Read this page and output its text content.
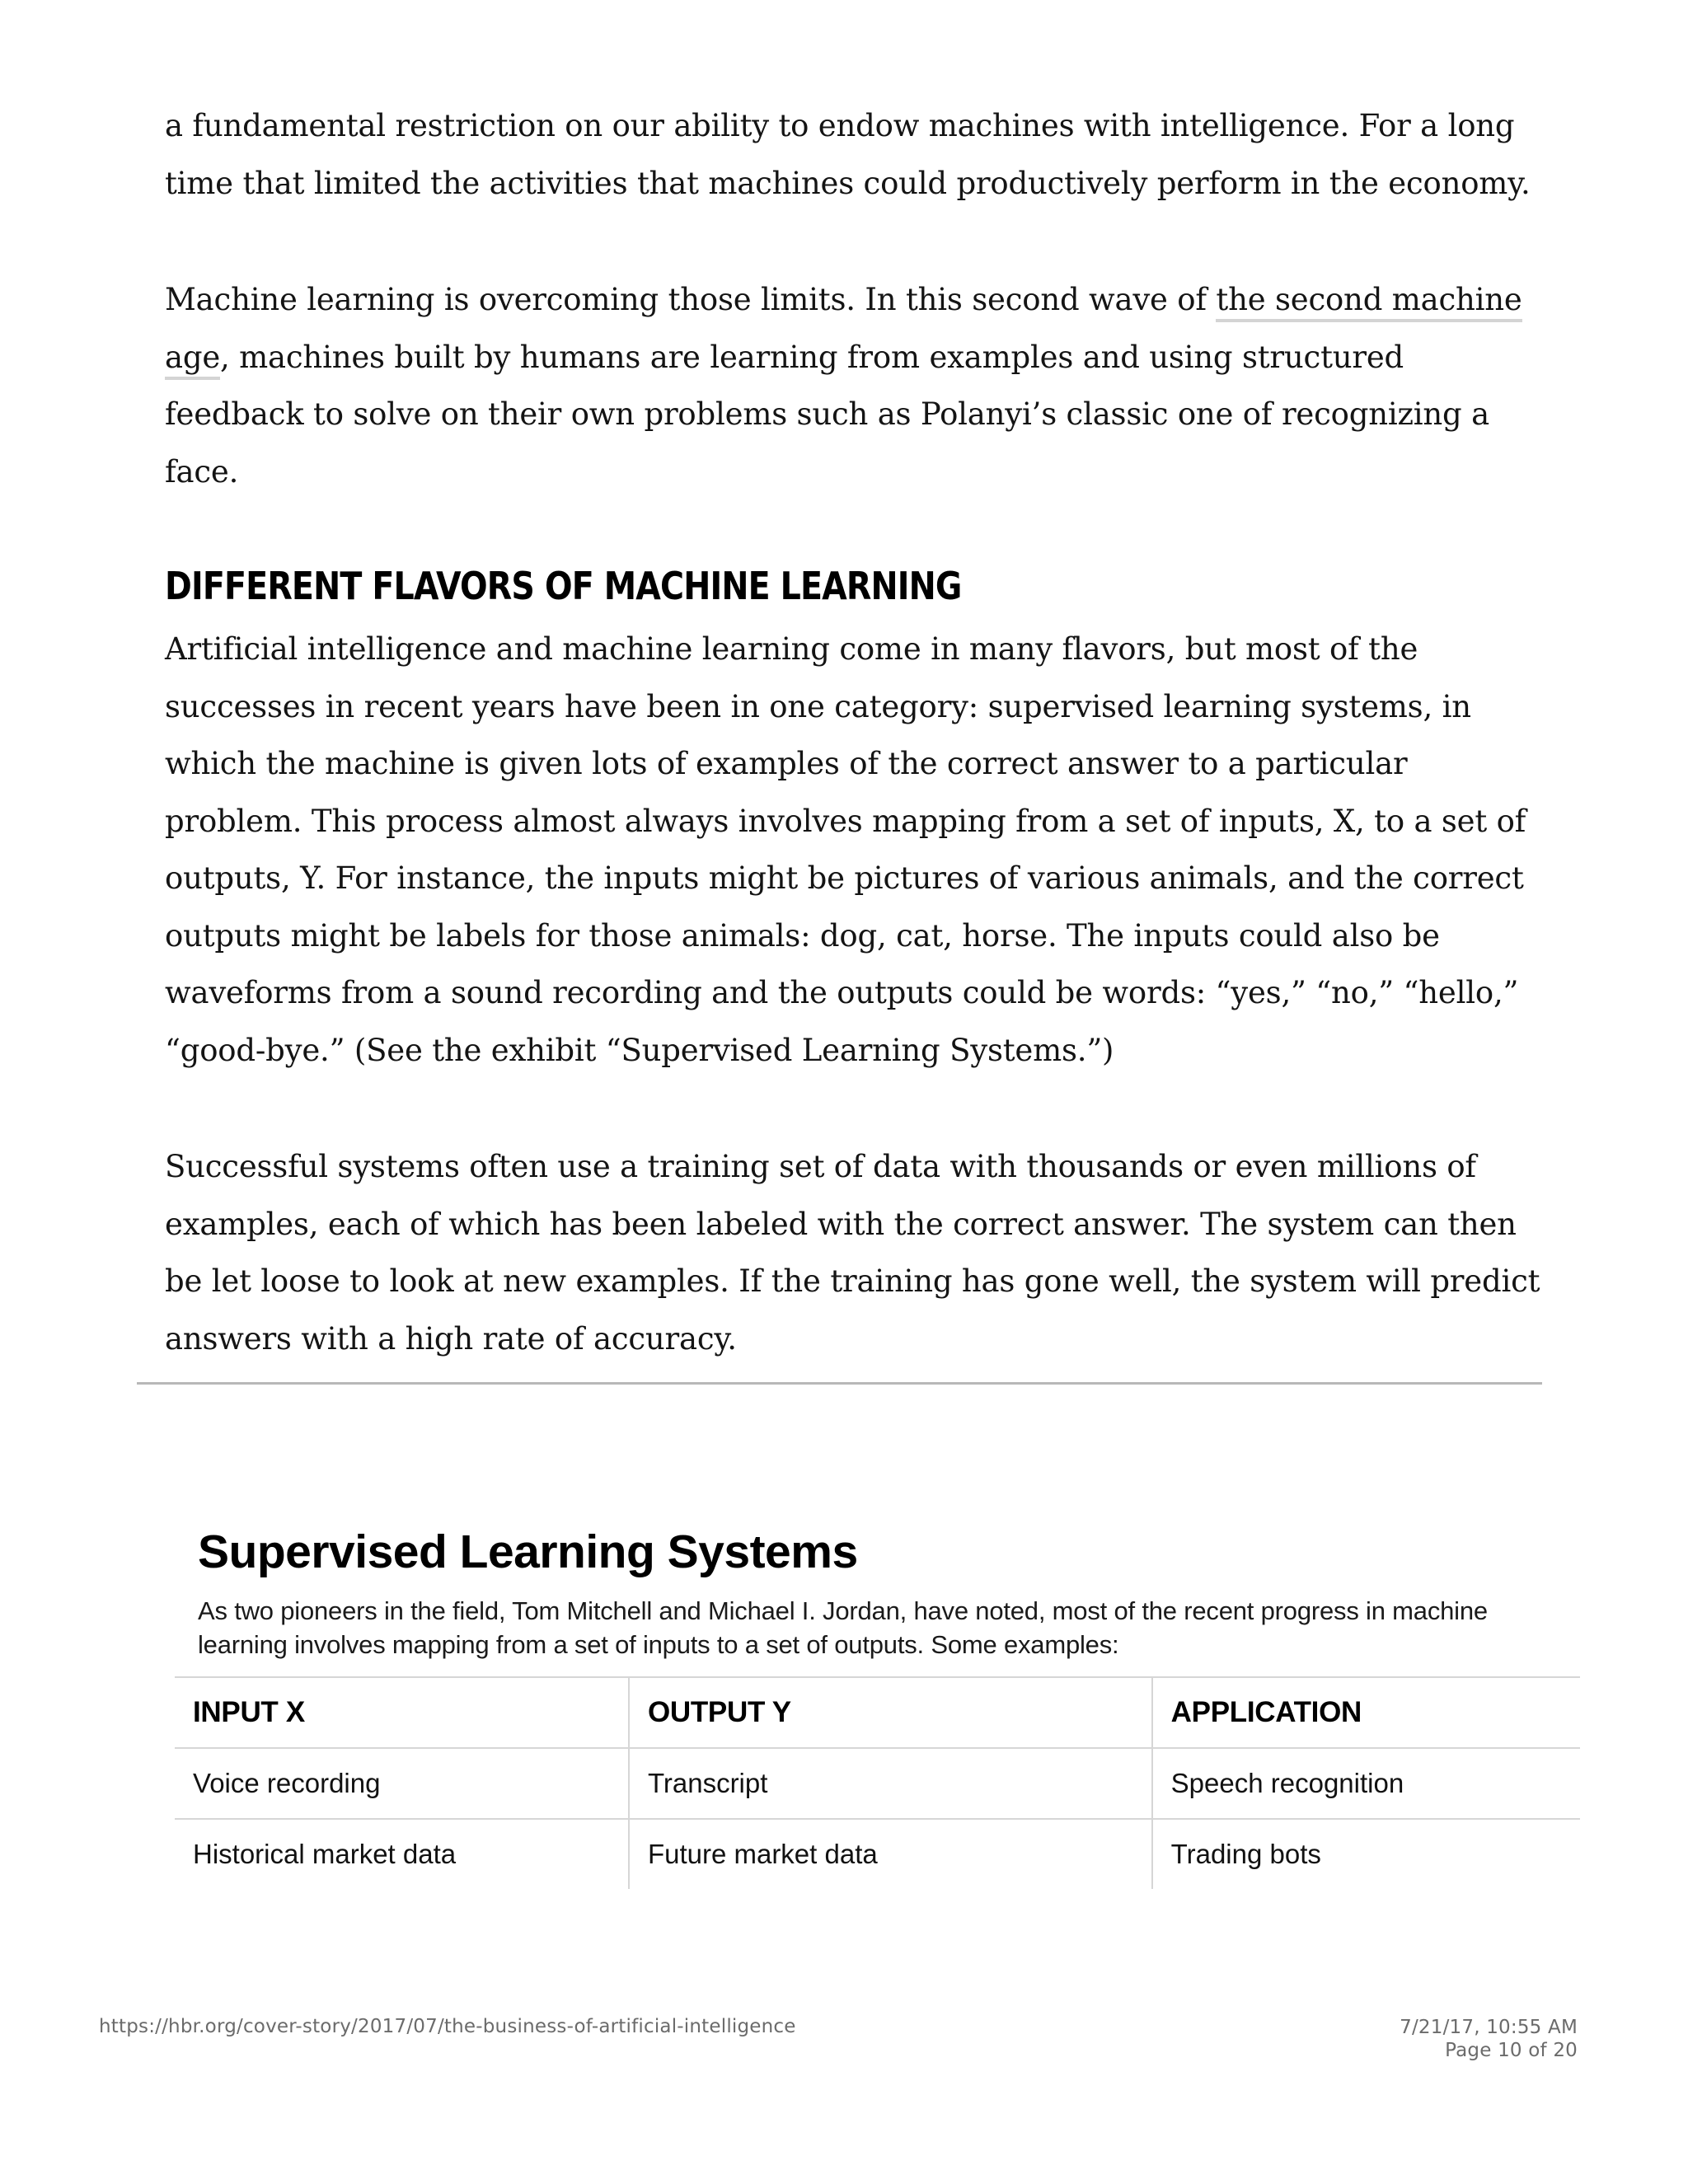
a fundamental restriction on our ability to endow machines with intelligence. For a long time that limited the activities that machines could productively perform in the economy.

Machine learning is overcoming those limits. In this second wave of the second machine age, machines built by humans are learning from examples and using structured feedback to solve on their own problems such as Polanyi’s classic one of recognizing a face.

DIFFERENT FLAVORS OF MACHINE LEARNING

Artificial intelligence and machine learning come in many flavors, but most of the successes in recent years have been in one category: supervised learning systems, in which the machine is given lots of examples of the correct answer to a particular problem. This process almost always involves mapping from a set of inputs, X, to a set of outputs, Y. For instance, the inputs might be pictures of various animals, and the correct outputs might be labels for those animals: dog, cat, horse. The inputs could also be waveforms from a sound recording and the outputs could be words: “yes,” “no,” “hello,” “good-bye.” (See the exhibit “Supervised Learning Systems.”)

Successful systems often use a training set of data with thousands or even millions of examples, each of which has been labeled with the correct answer. The system can then be let loose to look at new examples. If the training has gone well, the system will predict answers with a high rate of accuracy.

Supervised Learning Systems

As two pioneers in the field, Tom Mitchell and Michael I. Jordan, have noted, most of the recent progress in machine learning involves mapping from a set of inputs to a set of outputs. Some examples:

INPUT X	OUTPUT Y	APPLICATION
Voice recording	Transcript	Speech recognition
Historical market data	Future market data	Trading bots
https://hbr.org/cover-story/2017/07/the-business-of-artificial-intelligence	7/21/17, 10:55 AM
Page 10 of 20
